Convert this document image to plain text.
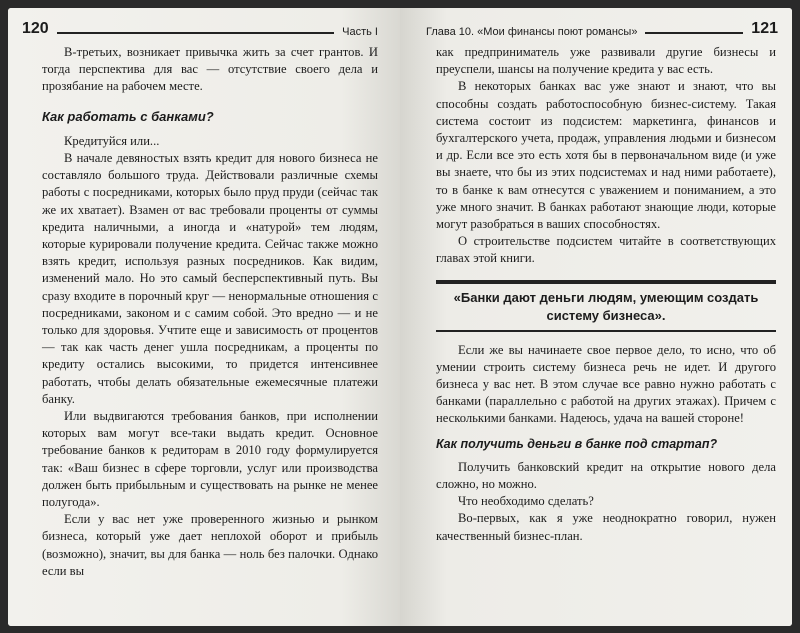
120	Часть I

В-третьих, возникает привычка жить за счет грантов. И тогда перспектива для вас — отсутствие своего дела и прозябание на рабочем месте.

Как работать с банками?

Кредитуйся или...

В начале девяностых взять кредит для нового бизнеса не составляло большого труда. Действовали различные схемы работы с посредниками, которых было пруд пруди (сейчас так же их хватает). Взамен от вас требовали проценты от суммы кредита наличными, а иногда и «натурой» тем людям, которые курировали получение кредита. Сейчас также можно взять кредит, используя разных посредников. Как видим, изменений мало. Но это самый бесперспективный путь. Вы сразу входите в порочный круг — ненормальные отношения с посредниками, законом и с самим собой. Это вредно — и не только для здоровья. Учтите еще и зависимость от процентов — так как часть денег ушла посредникам, а проценты по кредиту остались высокими, то придется интенсивнее работать, чтобы делать обязательные ежемесячные платежи банку.

Или выдвигаются требования банков, при исполнении которых вам могут все-таки выдать кредит. Основное требование банков к редиторам в 2010 году формулируется так: «Ваш бизнес в сфере торговли, услуг или производства должен быть прибыльным и существовать на рынке не менее полугода».

Если у вас нет уже проверенного жизнью и рынком бизнеса, который уже дает неплохой оборот и прибыль (возможно), значит, вы для банка — ноль без палочки. Однако если вы

Глава 10. «Мои финансы поют романсы»	121

как предприниматель уже развивали другие бизнесы и преуспели, шансы на получение кредита у вас есть.

В некоторых банках вас уже знают и знают, что вы способны создать работоспособную бизнес-систему. Такая система состоит из подсистем: маркетинга, финансов и бухгалтерского учета, продаж, управления людьми и бизнесом и др. Если все это есть хотя бы в первоначальном виде (и уже вы знаете, что бы из этих подсистемах и над ними работаете), то в банке к вам отнесутся с уважением и пониманием, а это уже много значит. В банках работают знающие люди, которые могут разобраться в ваших способностях.

О строительстве подсистем читайте в соответствующих главах этой книги.

«Банки дают деньги людям, умеющим создать систему бизнеса».

Если же вы начинаете свое первое дело, то исно, что об умении строить систему бизнеса речь не идет. И другого бизнеса у вас нет. В этом случае все равно нужно работать с банками (параллельно с работой на других этажах). Причем с несколькими банками. Надеюсь, удача на вашей стороне!

Как получить деньги в банке под стартап?

Получить банковский кредит на открытие нового дела сложно, но можно.

Что необходимо сделать?

Во-первых, как я уже неоднократно говорил, нужен качественный бизнес-план.
